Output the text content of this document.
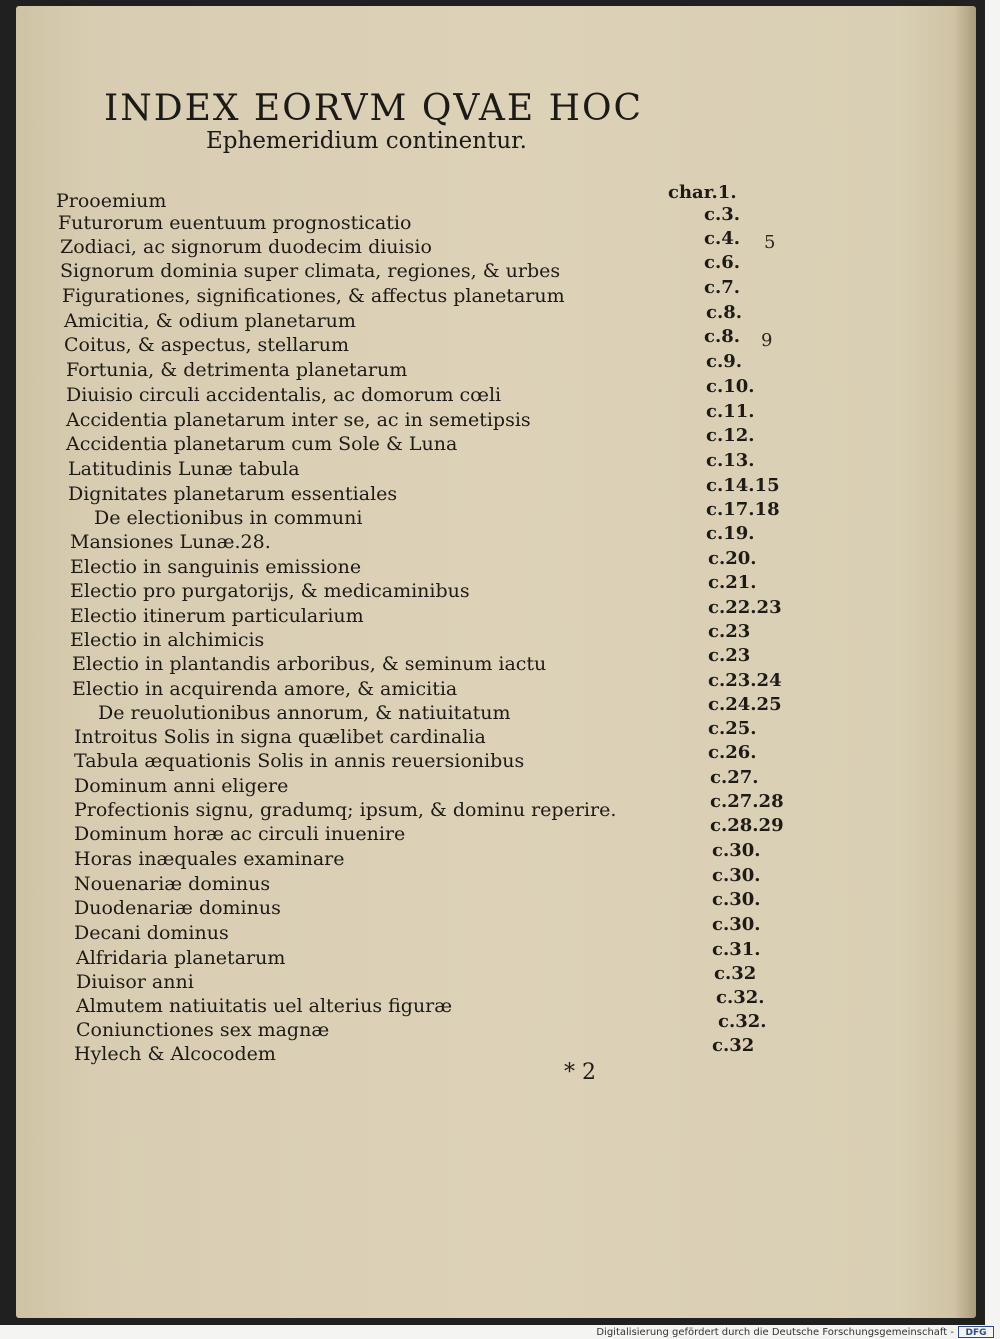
INDEX EORVM QVAE HOC
Ephemeridium continentur.
Prooemium	char.1.
Futurorum euentuum prognosticatio	c.3.
Zodiaci, ac signorum duodecim diuisio	c.4.
Signorum dominia super climata, regiones, & urbes	c.6.
Figurationes, significationes, & affectus planetarum	c.7.
Amicitia, & odium planetarum	c.8.
Coitus, & aspectus, stellarum	c.8.
Fortunia, & detrimenta planetarum	c.9.
Diuisio circuli accidentalis, ac domorum cœli	c.10.
Accidentia planetarum inter se, ac in semetipsis	c.11.
Accidentia planetarum cum Sole & Luna	c.12.
Latitudinis Lunæ tabula	c.13.
Dignitates planetarum essentiales	c.14.15
De electionibus in communi	c.17.18
Mansiones Lunæ.28.	c.19.
Electio in sanguinis emissione	c.20.
Electio pro purgatorijs, & medicaminibus	c.21.
Electio itinerum particularium	c.22.23
Electio in alchimicis	c.23
Electio in plantandis arboribus, & seminum iactu	c.23
Electio in acquirenda amore, & amicitia	c.23.24
De reuolutionibus annorum, & natiuitatum	c.24.25
Introitus Solis in signa quælibet cardinalia	c.25.
Tabula æquationis Solis in annis reuersionibus	c.26.
Dominum anni eligere	c.27.
Profectionis signu, gradumq; ipsum, & dominu reperire.	c.27.28
Dominum horæ ac circuli inuenire	c.28.29
Horas inæquales examinare	c.30.
Nouenariæ dominus	c.30.
Duodenariæ dominus	c.30.
Decani dominus	c.30.
Alfridaria planetarum	c.31.
Diuisor anni	c.32
Almutem natiuitatis uel alterius figuræ	c.32.
Coniunctiones sex magnæ	c.32.
Hylech & Alcocodem	c.32
5
9
* 2
Digitalisierung gefördert durch die Deutsche Forschungsgemeinschaft -	DFG
